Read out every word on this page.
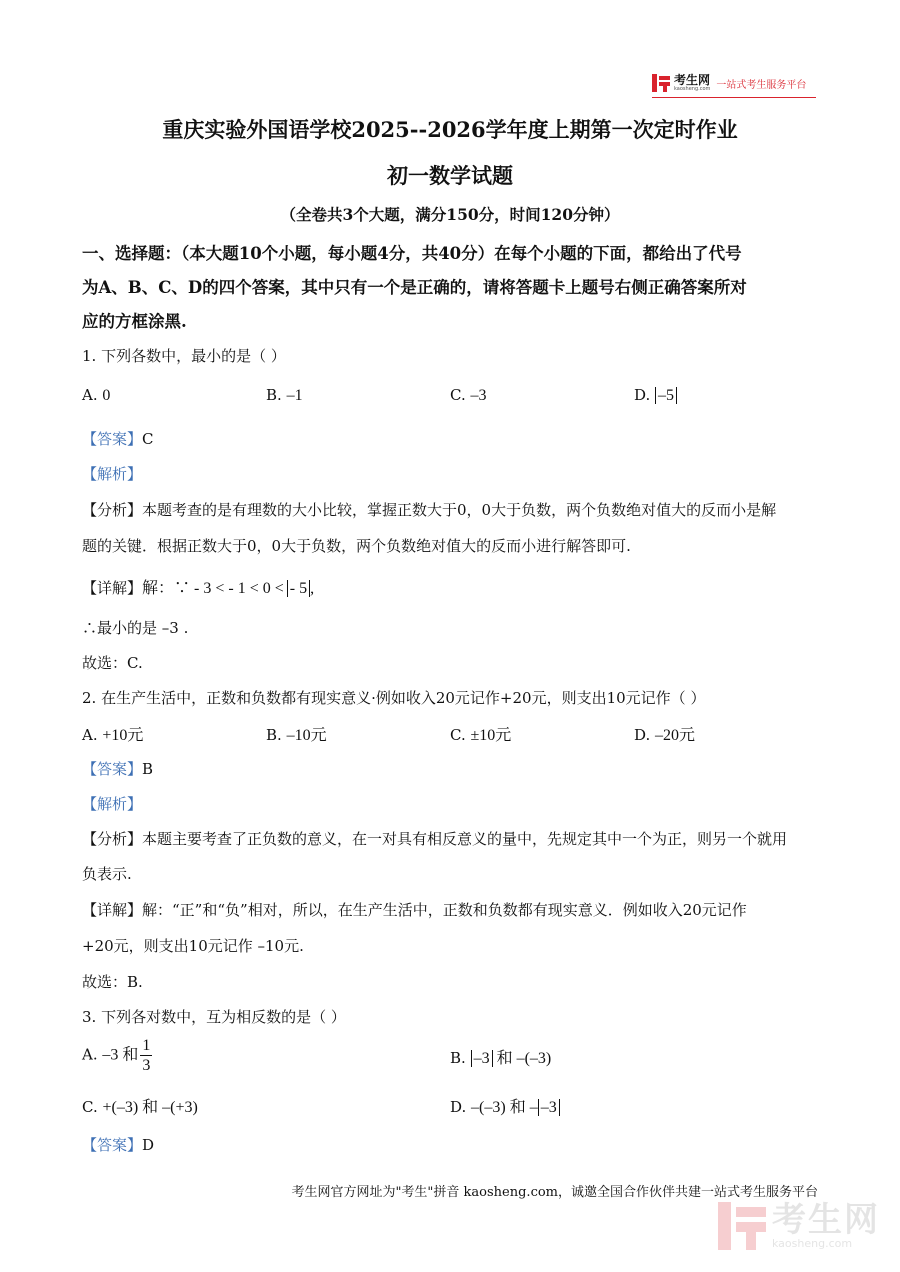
考生网
kaosheng.com 一站式考生服务平台
重庆实验外国语学校2025--2026学年度上期第一次定时作业
初一数学试题
（全卷共3个大题，满分150分，时间120分钟）
一、选择题：（本大题10个小题，每小题4分，共40分）在每个小题的下面，都给出了代号
为A、B、C、D的四个答案，其中只有一个是正确的，请将答题卡上题号右侧正确答案所对
应的方框涂黑.
1. 下列各数中，最小的是（ ）
A. 0	B. –1	C. –3	D. –5
【答案】C
【解析】
【分析】本题考查的是有理数的大小比较，掌握正数大于0，0大于负数，两个负数绝对值大的反而小是解
题的关键．根据正数大于0，0大于负数，两个负数绝对值大的反而小进行解答即可.
【详解】解：∵ - 3 < - 1 < 0 < - 5 ,
∴最小的是 –3 .
故选：C.
2. 在生产生活中，正数和负数都有现实意义·例如收入20元记作+20元，则支出10元记作（ ）
A. +10元	B. –10元	C. ±10元	D. –20元
【答案】B
【解析】
【分析】本题主要考查了正负数的意义，在一对具有相反意义的量中，先规定其中一个为正，则另一个就用
负表示.
【详解】解：“正”和“负”相对，所以，在生产生活中，正数和负数都有现实意义．例如收入20元记作
+20元，则支出10元记作 –10元.
故选：B.
3. 下列各对数中，互为相反数的是（ ）
A. –3 和 $\frac{1}{3}$	B. –3 和 –(–3)
C. +(–3) 和 –(+3)	D. –(–3) 和 – –3
【答案】D
考生网官方网址为"考生"拼音 kaosheng.com，诚邀全国合作伙伴共建一站式考生服务平台
考生网
kaosheng.com
